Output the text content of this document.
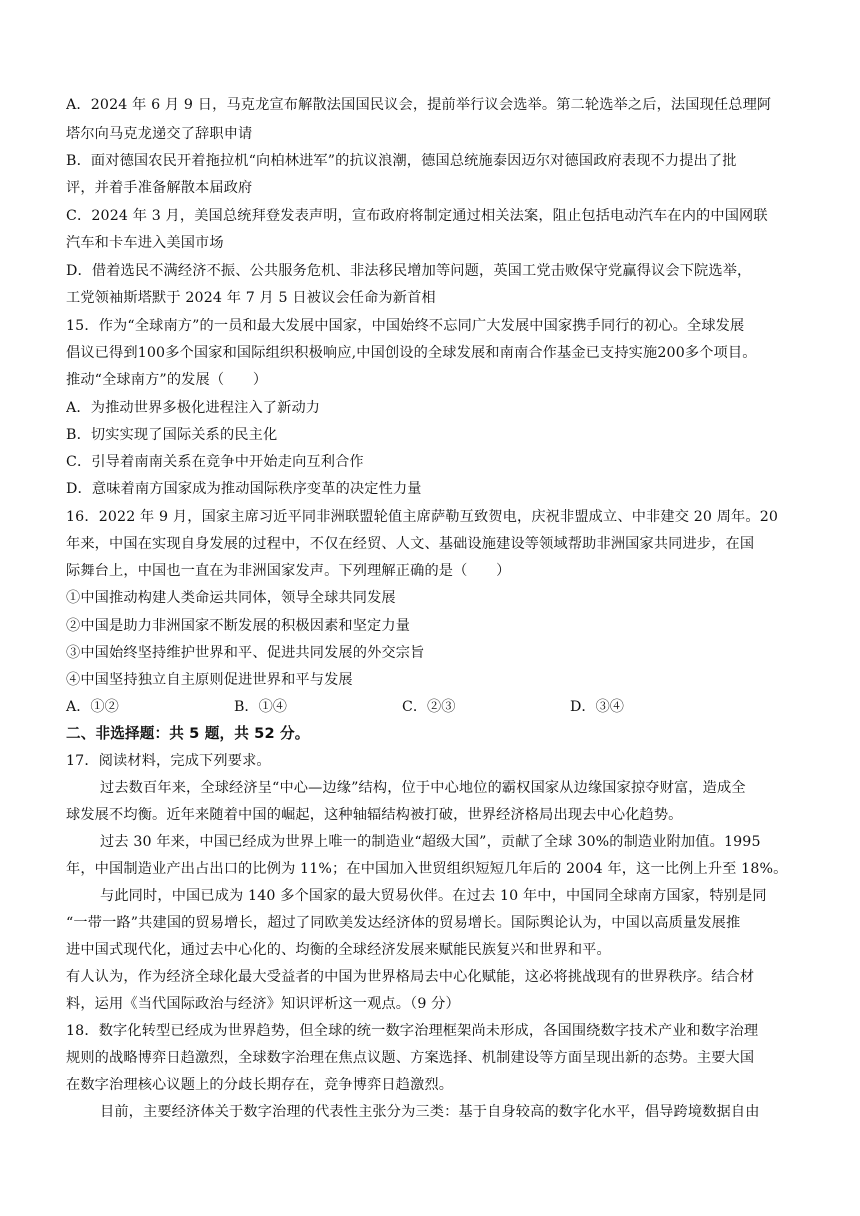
A．2024 年 6 月 9 日，马克龙宣布解散法国国民议会，提前举行议会选举。第二轮选举之后，法国现任总理阿
塔尔向马克龙递交了辞职申请
B．面对德国农民开着拖拉机“向柏林进军”的抗议浪潮，德国总统施泰因迈尔对德国政府表现不力提出了批
评，并着手准备解散本届政府
C．2024 年 3 月，美国总统拜登发表声明，宣布政府将制定通过相关法案，阻止包括电动汽车在内的中国网联
汽车和卡车进入美国市场
D．借着选民不满经济不振、公共服务危机、非法移民增加等问题，英国工党击败保守党赢得议会下院选举，
工党领袖斯塔默于 2024 年 7 月 5 日被议会任命为新首相
15．作为“全球南方”的一员和最大发展中国家，中国始终不忘同广大发展中国家携手同行的初心。全球发展
倡议已得到100多个国家和国际组织积极响应,中国创设的全球发展和南南合作基金已支持实施200多个项目。
推动“全球南方”的发展（　　）
A．为推动世界多极化进程注入了新动力
B．切实实现了国际关系的民主化
C．引导着南南关系在竞争中开始走向互利合作
D．意味着南方国家成为推动国际秩序变革的决定性力量
16．2022 年 9 月，国家主席习近平同非洲联盟轮值主席萨勒互致贺电，庆祝非盟成立、中非建交 20 周年。20
年来，中国在实现自身发展的过程中，不仅在经贸、人文、基础设施建设等领域帮助非洲国家共同进步，在国
际舞台上，中国也一直在为非洲国家发声。下列理解正确的是（　　）
①中国推动构建人类命运共同体，领导全球共同发展
②中国是助力非洲国家不断发展的积极因素和坚定力量
③中国始终坚持维护世界和平、促进共同发展的外交宗旨
④中国坚持独立自主原则促进世界和平与发展
A．①②	B．①④	C．②③	D．③④
二、非选择题：共 5 题，共 52 分。
17．阅读材料，完成下列要求。
过去数百年来，全球经济呈“中心—边缘”结构，位于中心地位的霸权国家从边缘国家掠夺财富，造成全
球发展不均衡。近年来随着中国的崛起，这种轴辐结构被打破，世界经济格局出现去中心化趋势。
过去 30 年来，中国已经成为世界上唯一的制造业“超级大国”，贡献了全球 30%的制造业附加值。1995
年，中国制造业产出占出口的比例为 11%；在中国加入世贸组织短短几年后的 2004 年，这一比例上升至 18%。
与此同时，中国已成为 140 多个国家的最大贸易伙伴。在过去 10 年中，中国同全球南方国家，特别是同
“一带一路”共建国的贸易增长，超过了同欧美发达经济体的贸易增长。国际舆论认为，中国以高质量发展推
进中国式现代化，通过去中心化的、均衡的全球经济发展来赋能民族复兴和世界和平。
有人认为，作为经济全球化最大受益者的中国为世界格局去中心化赋能，这必将挑战现有的世界秩序。结合材
料，运用《当代国际政治与经济》知识评析这一观点。（9 分）
18．数字化转型已经成为世界趋势，但全球的统一数字治理框架尚未形成，各国围绕数字技术产业和数字治理
规则的战略博弈日趋激烈，全球数字治理在焦点议题、方案选择、机制建设等方面呈现出新的态势。主要大国
在数字治理核心议题上的分歧长期存在，竞争博弈日趋激烈。
目前，主要经济体关于数字治理的代表性主张分为三类：基于自身较高的数字化水平，倡导跨境数据自由
